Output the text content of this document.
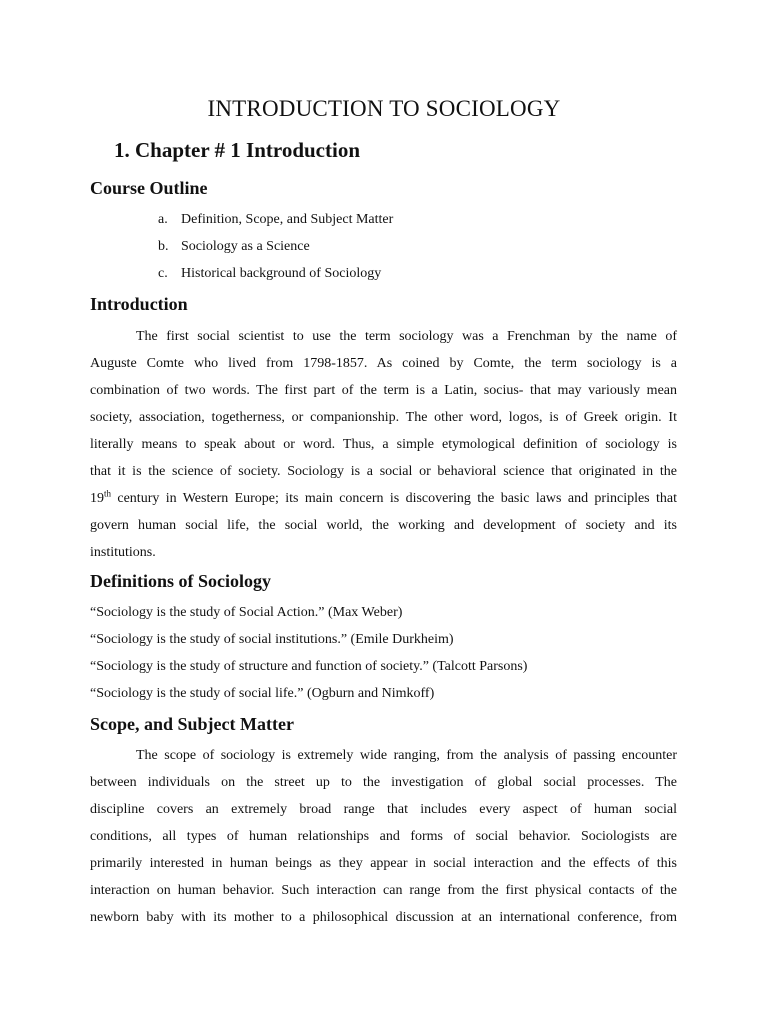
INTRODUCTION TO SOCIOLOGY
1. Chapter # 1 Introduction
Course Outline
a. Definition, Scope, and Subject Matter
b. Sociology as a Science
c. Historical background of Sociology
Introduction
The first social scientist to use the term sociology was a Frenchman by the name of
Auguste Comte who lived from 1798-1857. As coined by Comte, the term sociology is a
combination of two words. The first part of the term is a Latin, socius- that may variously mean
society, association, togetherness, or companionship. The other word, logos, is of Greek origin. It
literally means to speak about or word. Thus, a simple etymological definition of sociology is
that it is the science of society. Sociology is a social or behavioral science that originated in the
19th century in Western Europe; its main concern is discovering the basic laws and principles that
govern human social life, the social world, the working and development of society and its
institutions.
Definitions of Sociology
“Sociology is the study of Social Action.” (Max Weber)
“Sociology is the study of social institutions.” (Emile Durkheim)
“Sociology is the study of structure and function of society.” (Talcott Parsons)
“Sociology is the study of social life.” (Ogburn and Nimkoff)
Scope, and Subject Matter
The scope of sociology is extremely wide ranging, from the analysis of passing encounter
between individuals on the street up to the investigation of global social processes. The
discipline covers an extremely broad range that includes every aspect of human social
conditions, all types of human relationships and forms of social behavior. Sociologists are
primarily interested in human beings as they appear in social interaction and the effects of this
interaction on human behavior. Such interaction can range from the first physical contacts of the
newborn baby with its mother to a philosophical discussion at an international conference, from
